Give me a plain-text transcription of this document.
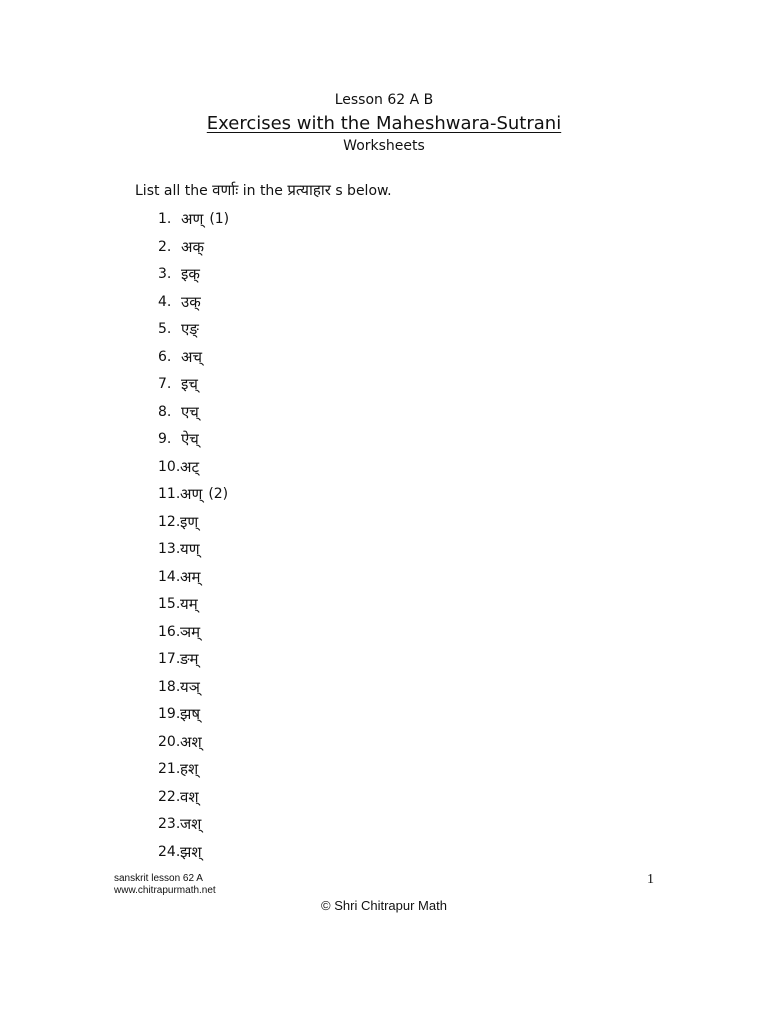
Lesson 62 A B

Exercises with the Maheshwara-Sutrani

Worksheets

List all the वर्णाः in the प्रत्याहार s below.

1. अण् (1)
2. अक्
3. इक्
4. उक्
5. एङ्
6. अच्
7. इच्
8. एच्
9. ऐच्
10. अट्
11. अण् (2)
12. इण्
13. यण्
14. अम्
15. यम्
16. ञम्
17. ङम्
18. यञ्
19. झष्
20. अश्
21. हश्
22. वश्
23. जश्
24. झश्

sanskrit lesson 62 A
www.chitrapurmath.net

1

© Shri Chitrapur Math
